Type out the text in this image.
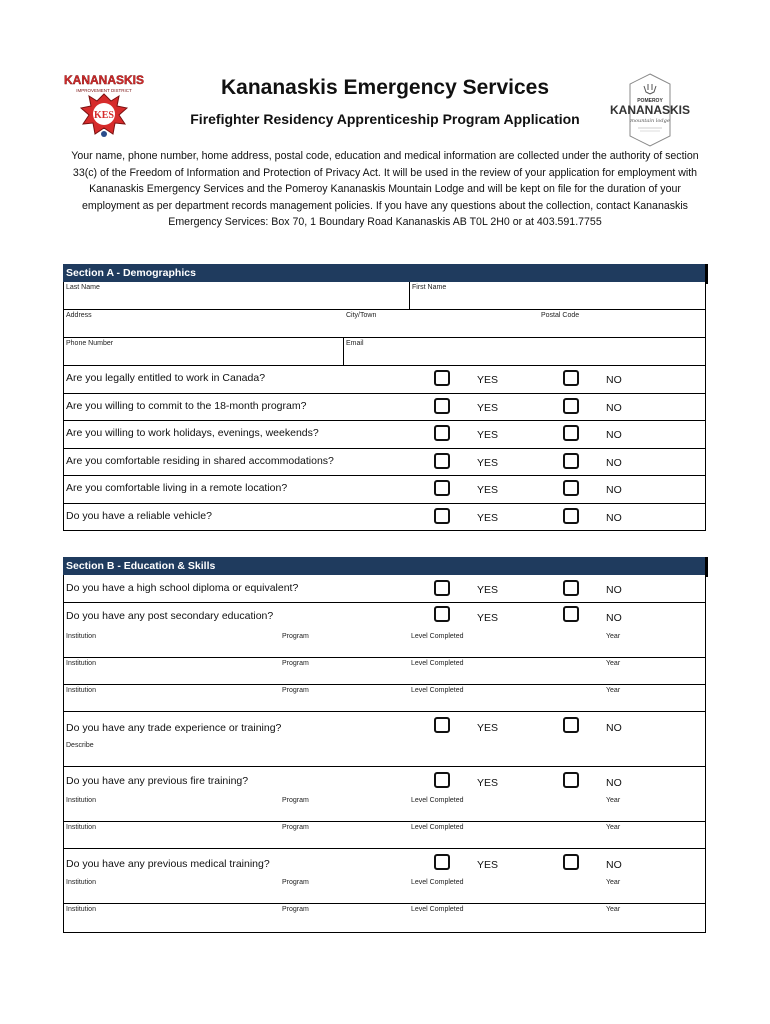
KANANASKIS
IMPROVEMENT DISTRICT
KES
POMEROY
KANANASKIS
mountain lodge
Kananaskis Emergency Services
Firefighter Residency Apprenticeship Program Application
Your name, phone number, home address, postal code, education and medical information are collected under the authority of section 33(c) of the Freedom of Information and Protection of Privacy Act. It will be used in the review of your application for employment with Kananaskis Emergency Services and the Pomeroy Kananaskis Mountain Lodge and will be kept on file for the duration of your employment as per department records management policies. If you have any questions about the collection, contact Kananaskis Emergency Services: Box 70, 1 Boundary Road Kananaskis AB T0L 2H0 or at 403.591.7755
Section A - Demographics
Last Name	First Name
Address	City/Town	Postal Code
Phone Number	Email
Are you legally entitled to work in Canada?	YES	NO
Are you willing to commit to the 18-month program?	YES	NO
Are you willing to work holidays, evenings, weekends?	YES	NO
Are you comfortable residing in shared accommodations?	YES	NO
Are you comfortable living in a remote location?	YES	NO
Do you have a reliable vehicle?	YES	NO
Section B - Education & Skills
Do you have a high school diploma or equivalent?	YES	NO
Do you have any post secondary education?	YES	NO
Institution	Program	Level Completed	Year
Institution	Program	Level Completed	Year
Institution	Program	Level Completed	Year
Do you have any trade experience or training?	YES	NO
Describe
Do you have any previous fire training?	YES	NO
Institution	Program	Level Completed	Year
Institution	Program	Level Completed	Year
Do you have any previous medical training?	YES	NO
Institution	Program	Level Completed	Year
Institution	Program	Level Completed	Year
